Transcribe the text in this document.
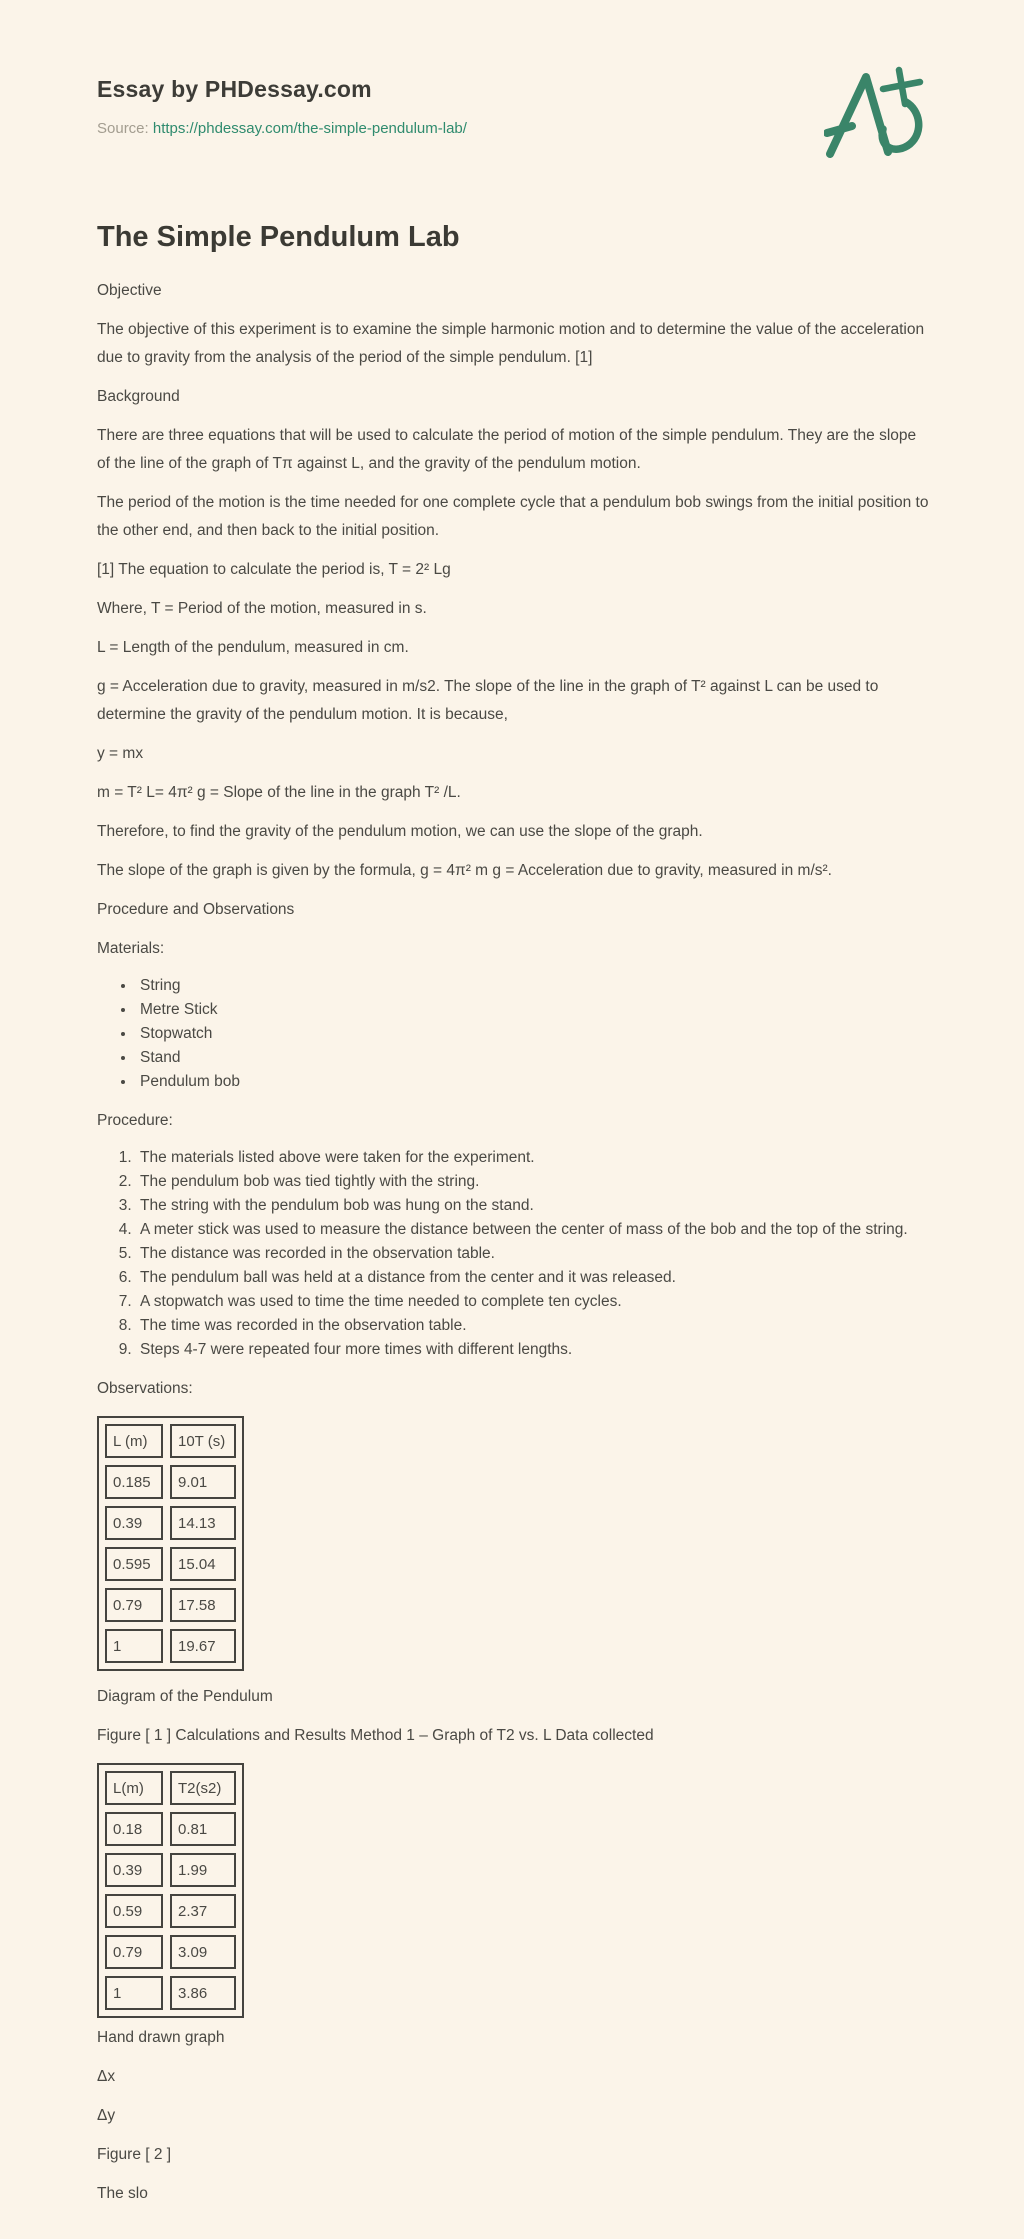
Essay by PHDessay.com

Source: https://phdessay.com/the-simple-pendulum-lab/

The Simple Pendulum Lab

Objective

The objective of this experiment is to examine the simple harmonic motion and to determine the value of the acceleration due to gravity from the analysis of the period of the simple pendulum. [1]

Background

There are three equations that will be used to calculate the period of motion of the simple pendulum. They are the slope of the line of the graph of Tπ against L, and the gravity of the pendulum motion.

The period of the motion is the time needed for one complete cycle that a pendulum bob swings from the initial position to the other end, and then back to the initial position.

[1] The equation to calculate the period is, T = 2² Lg

Where, T = Period of the motion, measured in s.

L = Length of the pendulum, measured in cm.

g = Acceleration due to gravity, measured in m/s2. The slope of the line in the graph of T² against L can be used to determine the gravity of the pendulum motion. It is because,

y = mx

m = T² L= 4π² g = Slope of the line in the graph T² /L.

Therefore, to find the gravity of the pendulum motion, we can use the slope of the graph.

The slope of the graph is given by the formula, g = 4π² m g = Acceleration due to gravity, measured in m/s².

Procedure and Observations

Materials:

• String
• Metre Stick
• Stopwatch
• Stand
• Pendulum bob

Procedure:

1. The materials listed above were taken for the experiment.
2. The pendulum bob was tied tightly with the string.
3. The string with the pendulum bob was hung on the stand.
4. A meter stick was used to measure the distance between the center of mass of the bob and the top of the string.
5. The distance was recorded in the observation table.
6. The pendulum ball was held at a distance from the center and it was released.
7. A stopwatch was used to time the time needed to complete ten cycles.
8. The time was recorded in the observation table.
9. Steps 4-7 were repeated four more times with different lengths.

Observations:

L (m)	10T (s)
0.185	9.01
0.39	14.13
0.595	15.04
0.79	17.58
1	19.67

Diagram of the Pendulum

Figure [ 1 ] Calculations and Results Method 1 – Graph of T2 vs. L Data collected

L(m)	T2(s2)
0.18	0.81
0.39	1.99
0.59	2.37
0.79	3.09
1	3.86

Hand drawn graph

Δx

Δy

Figure [ 2 ]

The slo
